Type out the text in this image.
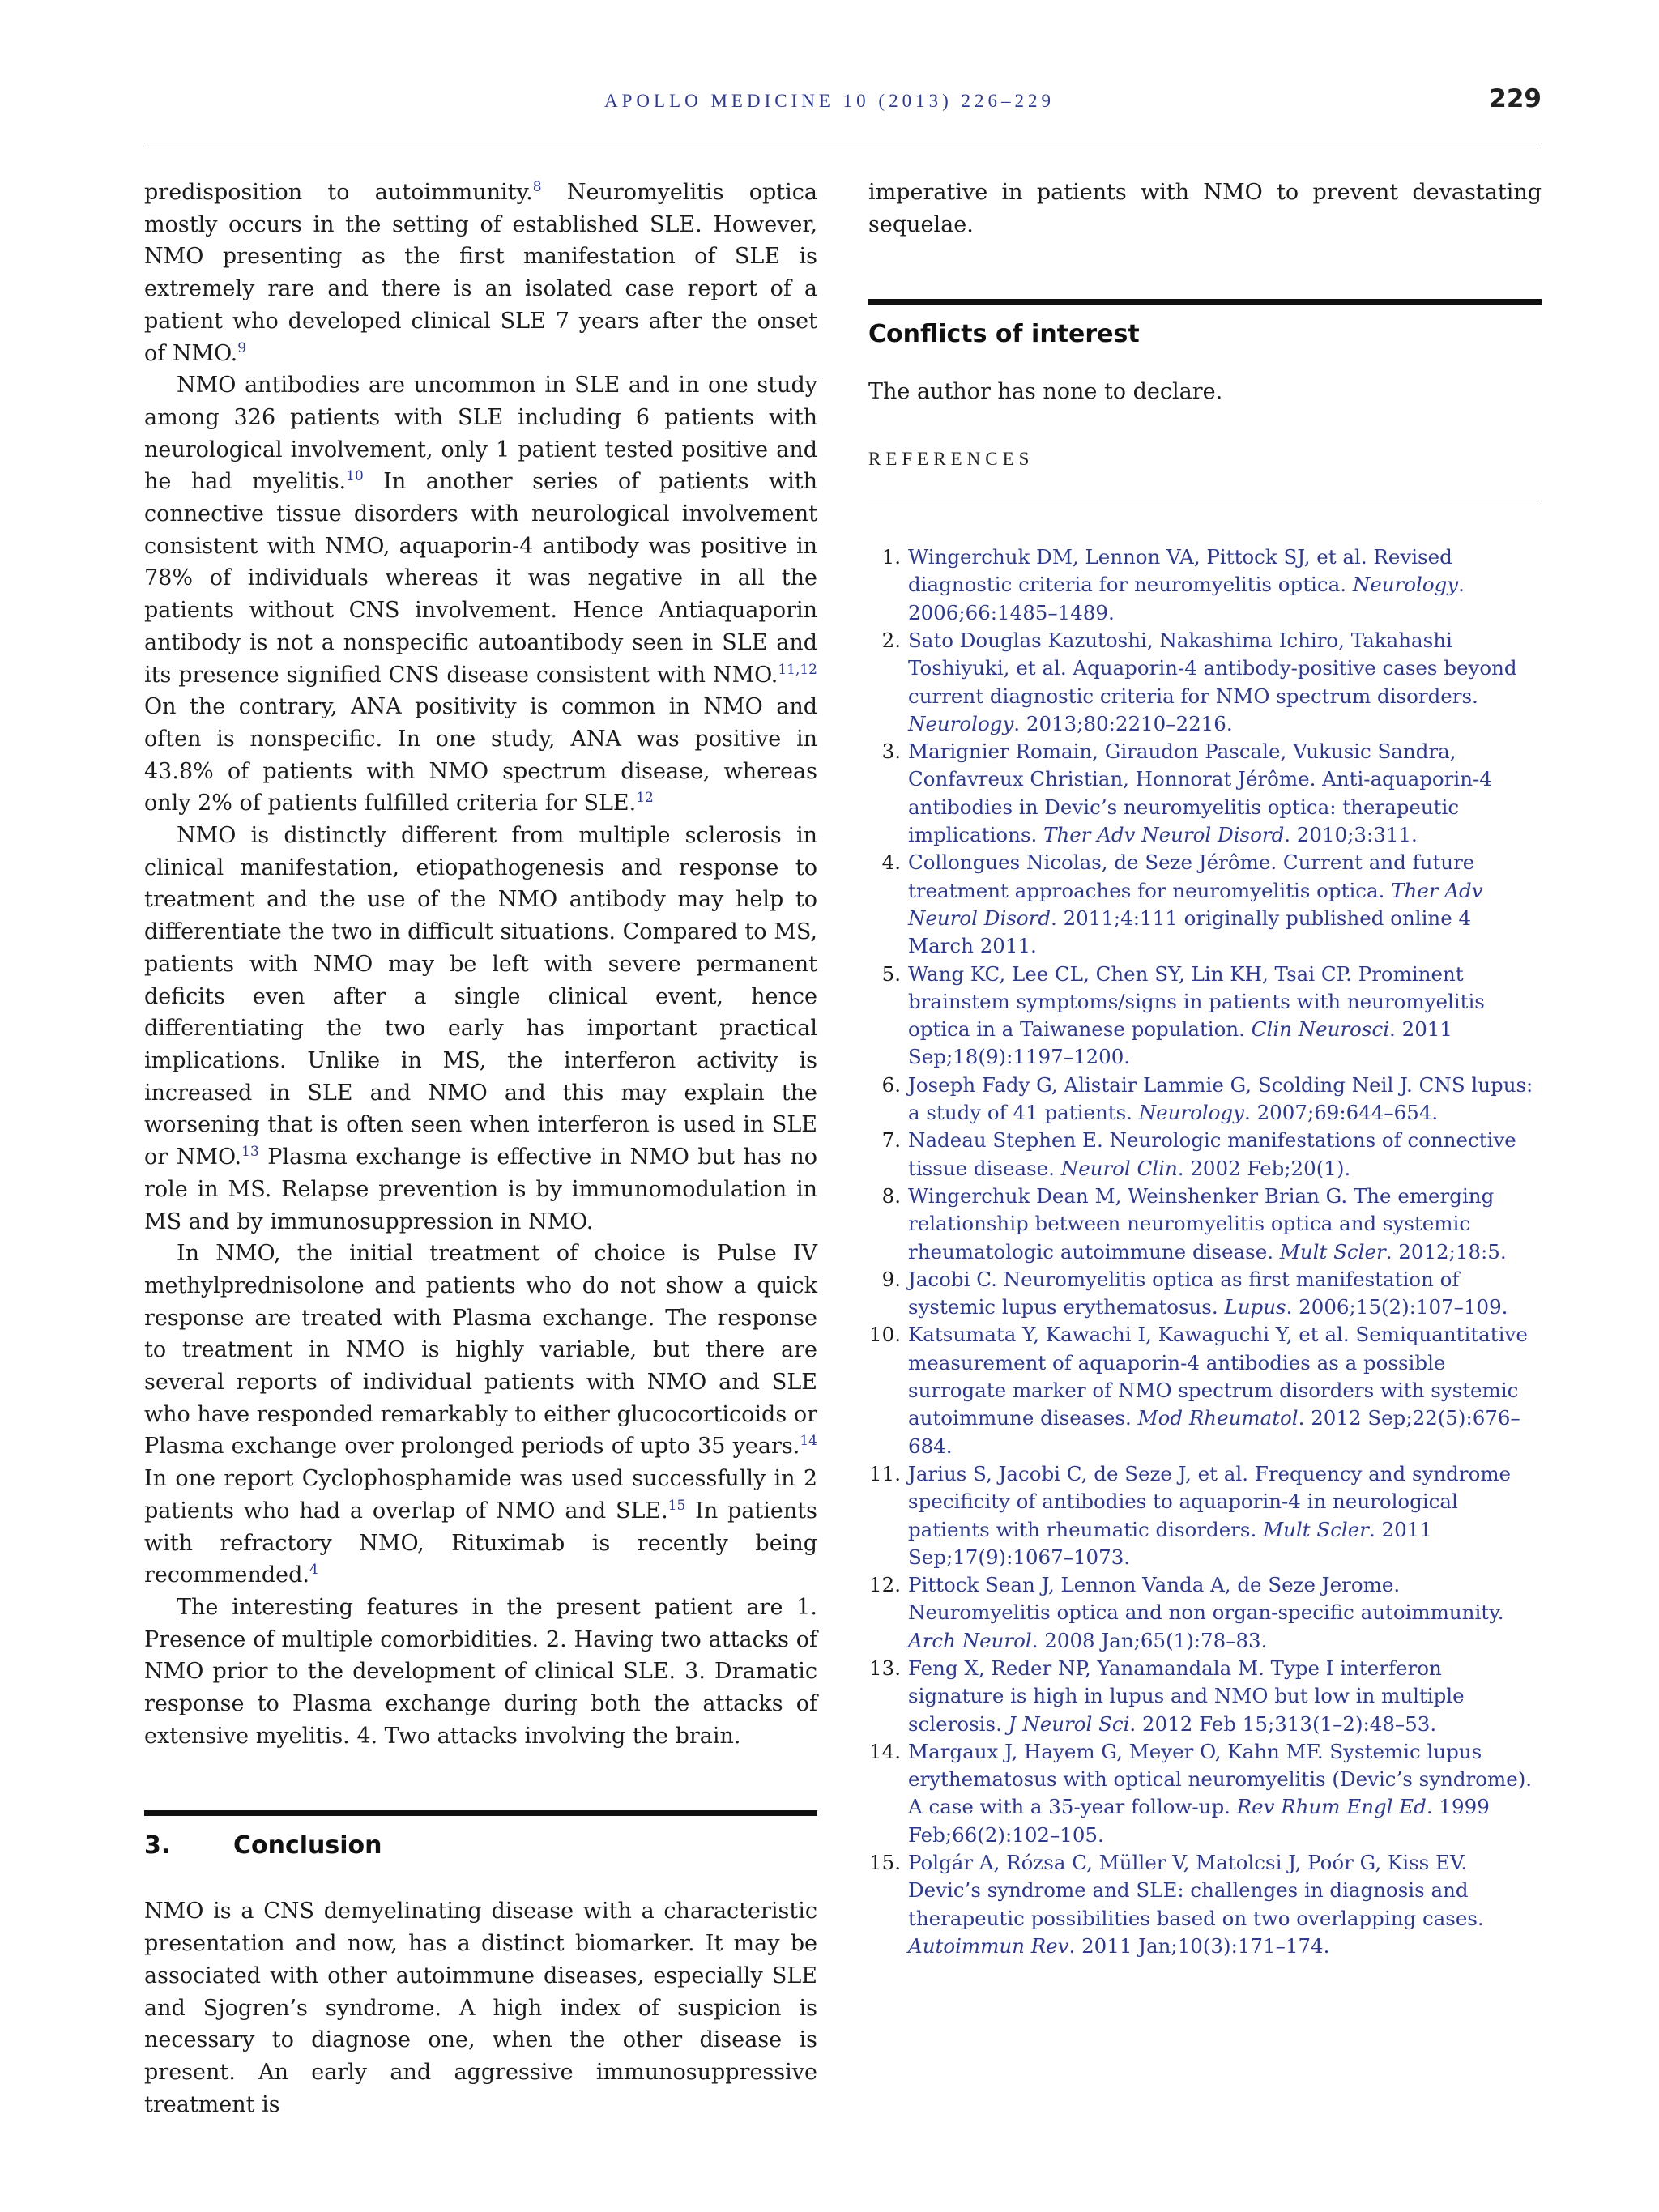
APOLLO MEDICINE 10 (2013) 226–229	229

predisposition to autoimmunity.$^8$ Neuromyelitis optica mostly occurs in the setting of established SLE. However, NMO presenting as the first manifestation of SLE is extremely rare and there is an isolated case report of a patient who developed clinical SLE 7 years after the onset of NMO.$^9$

NMO antibodies are uncommon in SLE and in one study among 326 patients with SLE including 6 patients with neurological involvement, only 1 patient tested positive and he had myelitis.$^{10}$ In another series of patients with connective tissue disorders with neurological involvement consistent with NMO, aquaporin-4 antibody was positive in 78% of individuals whereas it was negative in all the patients without CNS involvement. Hence Antiaquaporin antibody is not a nonspecific autoantibody seen in SLE and its presence signified CNS disease consistent with NMO.$^{11,12}$ On the contrary, ANA positivity is common in NMO and often is nonspecific. In one study, ANA was positive in 43.8% of patients with NMO spectrum disease, whereas only 2% of patients fulfilled criteria for SLE.$^{12}$

NMO is distinctly different from multiple sclerosis in clinical manifestation, etiopathogenesis and response to treatment and the use of the NMO antibody may help to differentiate the two in difficult situations. Compared to MS, patients with NMO may be left with severe permanent deficits even after a single clinical event, hence differentiating the two early has important practical implications. Unlike in MS, the interferon activity is increased in SLE and NMO and this may explain the worsening that is often seen when interferon is used in SLE or NMO.$^{13}$ Plasma exchange is effective in NMO but has no role in MS. Relapse prevention is by immunomodulation in MS and by immunosuppression in NMO.

In NMO, the initial treatment of choice is Pulse IV methylprednisolone and patients who do not show a quick response are treated with Plasma exchange. The response to treatment in NMO is highly variable, but there are several reports of individual patients with NMO and SLE who have responded remarkably to either glucocorticoids or Plasma exchange over prolonged periods of upto 35 years.$^{14}$ In one report Cyclophosphamide was used successfully in 2 patients who had a overlap of NMO and SLE.$^{15}$ In patients with refractory NMO, Rituximab is recently being recommended.$^4$

The interesting features in the present patient are 1. Presence of multiple comorbidities. 2. Having two attacks of NMO prior to the development of clinical SLE. 3. Dramatic response to Plasma exchange during both the attacks of extensive myelitis. 4. Two attacks involving the brain.

3.	Conclusion

NMO is a CNS demyelinating disease with a characteristic presentation and now, has a distinct biomarker. It may be associated with other autoimmune diseases, especially SLE and Sjogren’s syndrome. A high index of suspicion is necessary to diagnose one, when the other disease is present. An early and aggressive immunosuppressive treatment is

imperative in patients with NMO to prevent devastating sequelae.

Conflicts of interest

The author has none to declare.

REFERENCES
1. Wingerchuk DM, Lennon VA, Pittock SJ, et al. Revised diagnostic criteria for neuromyelitis optica. Neurology. 2006;66:1485–1489.
2. Sato Douglas Kazutoshi, Nakashima Ichiro, Takahashi Toshiyuki, et al. Aquaporin-4 antibody-positive cases beyond current diagnostic criteria for NMO spectrum disorders. Neurology. 2013;80:2210–2216.
3. Marignier Romain, Giraudon Pascale, Vukusic Sandra, Confavreux Christian, Honnorat Jérôme. Anti-aquaporin-4 antibodies in Devic’s neuromyelitis optica: therapeutic implications. Ther Adv Neurol Disord. 2010;3:311.
4. Collongues Nicolas, de Seze Jérôme. Current and future treatment approaches for neuromyelitis optica. Ther Adv Neurol Disord. 2011;4:111 originally published online 4 March 2011.
5. Wang KC, Lee CL, Chen SY, Lin KH, Tsai CP. Prominent brainstem symptoms/signs in patients with neuromyelitis optica in a Taiwanese population. Clin Neurosci. 2011 Sep;18(9):1197–1200.
6. Joseph Fady G, Alistair Lammie G, Scolding Neil J. CNS lupus: a study of 41 patients. Neurology. 2007;69:644–654.
7. Nadeau Stephen E. Neurologic manifestations of connective tissue disease. Neurol Clin. 2002 Feb;20(1).
8. Wingerchuk Dean M, Weinshenker Brian G. The emerging relationship between neuromyelitis optica and systemic rheumatologic autoimmune disease. Mult Scler. 2012;18:5.
9. Jacobi C. Neuromyelitis optica as first manifestation of systemic lupus erythematosus. Lupus. 2006;15(2):107–109.
10. Katsumata Y, Kawachi I, Kawaguchi Y, et al. Semiquantitative measurement of aquaporin-4 antibodies as a possible surrogate marker of NMO spectrum disorders with systemic autoimmune diseases. Mod Rheumatol. 2012 Sep;22(5):676–684.
11. Jarius S, Jacobi C, de Seze J, et al. Frequency and syndrome specificity of antibodies to aquaporin-4 in neurological patients with rheumatic disorders. Mult Scler. 2011 Sep;17(9):1067–1073.
12. Pittock Sean J, Lennon Vanda A, de Seze Jerome. Neuromyelitis optica and non organ-specific autoimmunity. Arch Neurol. 2008 Jan;65(1):78–83.
13. Feng X, Reder NP, Yanamandala M. Type I interferon signature is high in lupus and NMO but low in multiple sclerosis. J Neurol Sci. 2012 Feb 15;313(1–2):48–53.
14. Margaux J, Hayem G, Meyer O, Kahn MF. Systemic lupus erythematosus with optical neuromyelitis (Devic’s syndrome). A case with a 35-year follow-up. Rev Rhum Engl Ed. 1999 Feb;66(2):102–105.
15. Polgár A, Rózsa C, Müller V, Matolcsi J, Poór G, Kiss EV. Devic’s syndrome and SLE: challenges in diagnosis and therapeutic possibilities based on two overlapping cases. Autoimmun Rev. 2011 Jan;10(3):171–174.
